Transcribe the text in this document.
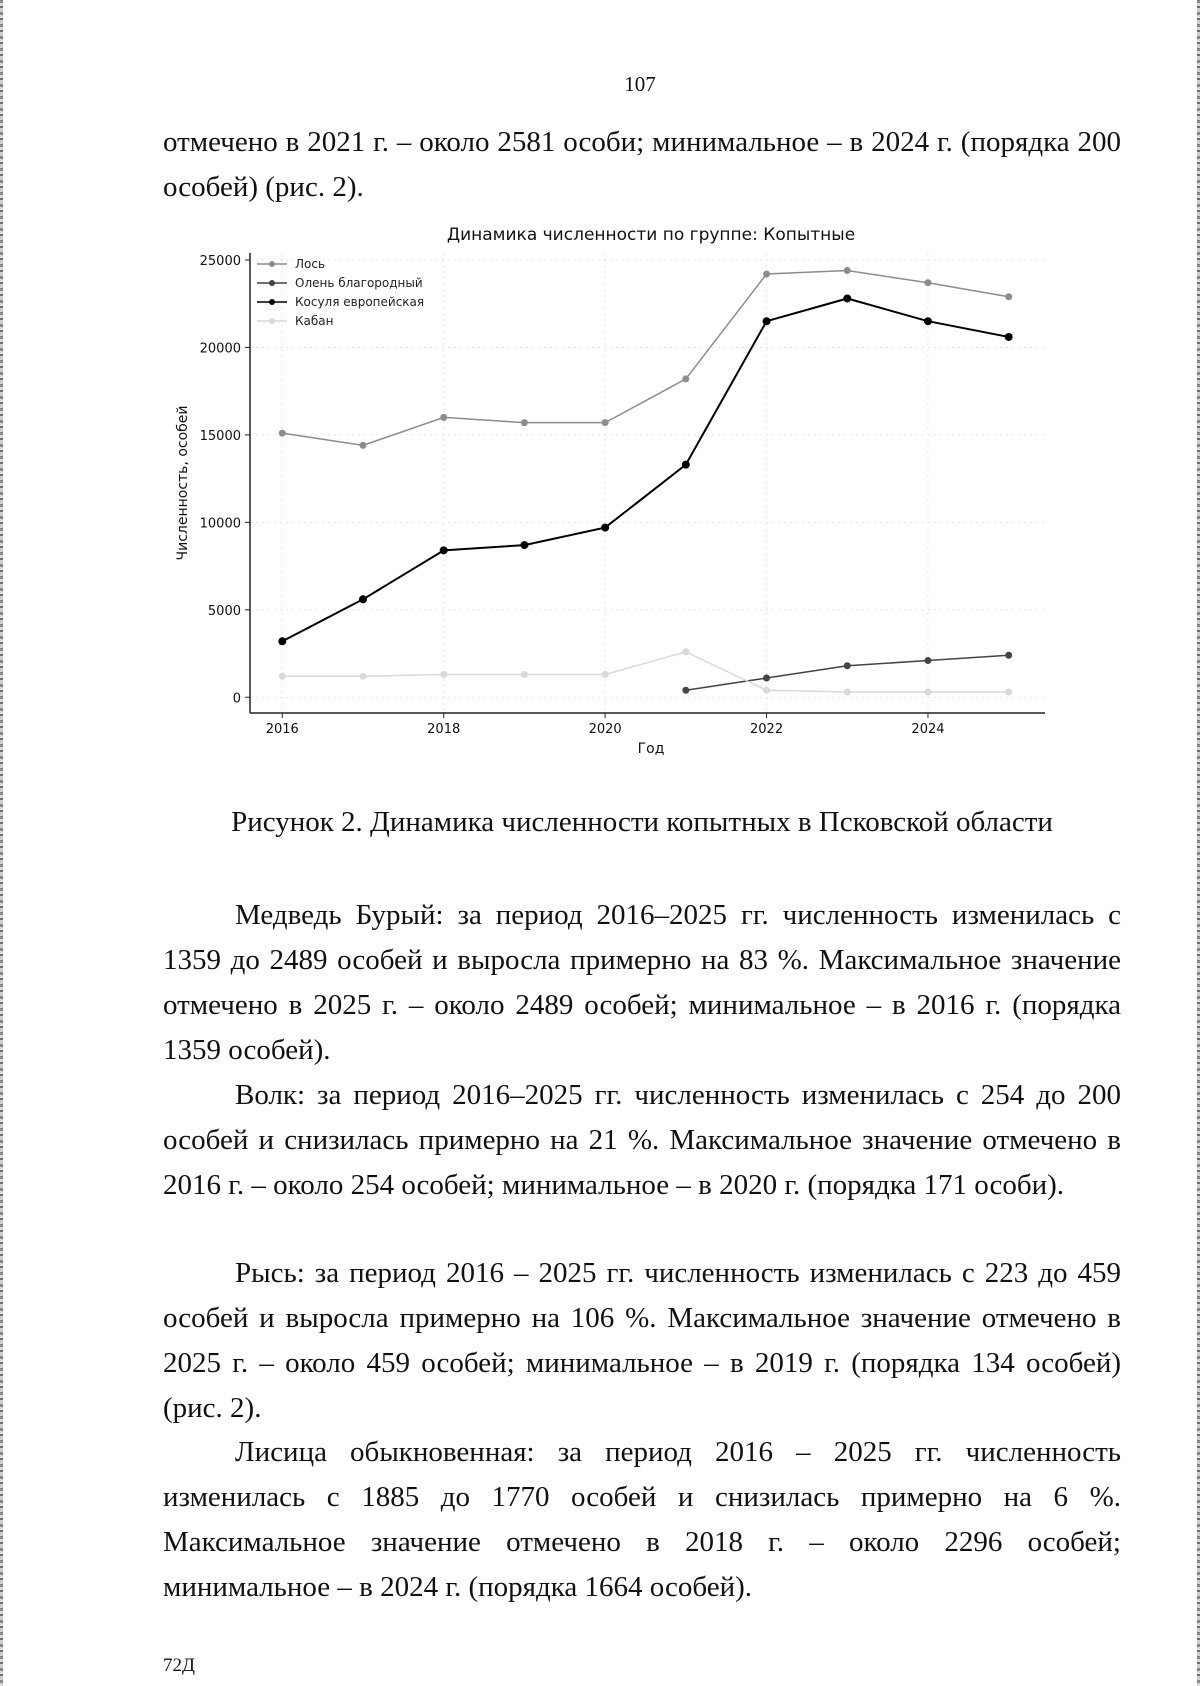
107

отмечено в 2021 г. – около 2581 особи; минимальное – в 2024 г. (порядка 200 особей) (рис. 2).

2016	2018	2020	2022	2024
0
5000
10000
15000
20000
25000
Динамика численности по группе: Копытные
Год
Численность, особей
Лось
Олень благородный
Косуля европейская
Кабан
Рисунок 2. Динамика численности копытных в Псковской области

Медведь Бурый: за период 2016–2025 гг. численность изменилась с 1359 до 2489 особей и выросла примерно на 83 %. Максимальное значение отмечено в 2025 г. – около 2489 особей; минимальное – в 2016 г. (порядка 1359 особей).

Волк: за период 2016–2025 гг. численность изменилась с 254 до 200 особей и снизилась примерно на 21 %. Максимальное значение отмечено в 2016 г. – около 254 особей; минимальное – в 2020 г. (порядка 171 особи).

Рысь: за период 2016 – 2025 гг. численность изменилась с 223 до 459 особей и выросла примерно на 106 %. Максимальное значение отмечено в 2025 г. – около 459 особей; минимальное – в 2019 г. (порядка 134 особей) (рис. 2).

Лисица обыкновенная: за период 2016 – 2025 гг. численность изменилась с 1885 до 1770 особей и снизилась примерно на 6 %. Максимальное значение отмечено в 2018 г. – около 2296 особей; минимальное – в 2024 г. (порядка 1664 особей).

72Д
